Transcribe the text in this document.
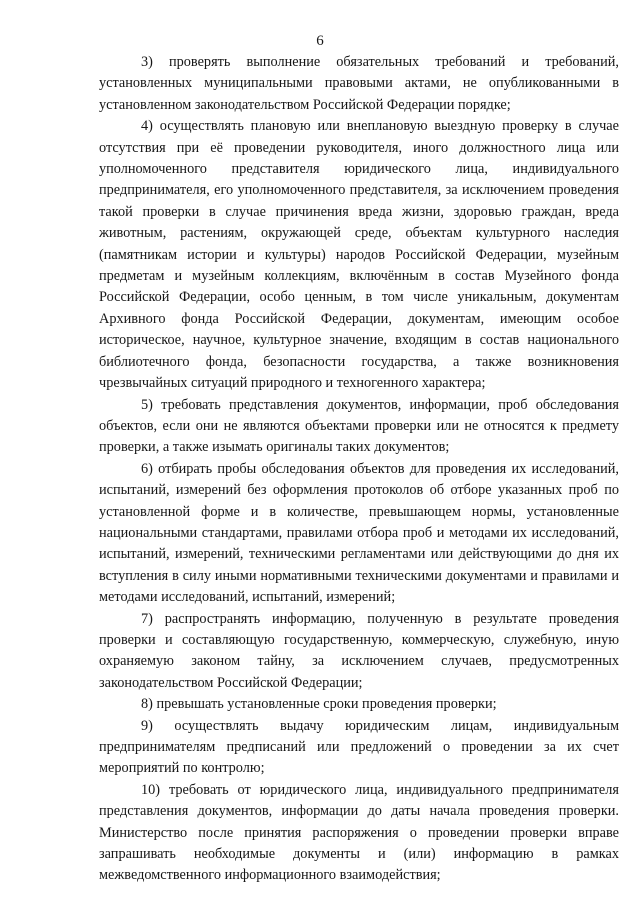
6

3) проверять выполнение обязательных требований и требований, установленных муниципальными правовыми актами, не опубликованными в установленном законодательством Российской Федерации порядке;

4) осуществлять плановую или внеплановую выездную проверку в случае отсутствия при её проведении руководителя, иного должностного лица или уполномоченного представителя юридического лица, индивидуального предпринимателя, его уполномоченного представителя, за исключением проведения такой проверки в случае причинения вреда жизни, здоровью граждан, вреда животным, растениям, окружающей среде, объектам культурного наследия (памятникам истории и культуры) народов Российской Федерации, музейным предметам и музейным коллекциям, включённым в состав Музейного фонда Российской Федерации, особо ценным, в том числе уникальным, документам Архивного фонда Российской Федерации, документам, имеющим особое историческое, научное, культурное значение, входящим в состав национального библиотечного фонда, безопасности государства, а также возникновения чрезвычайных ситуаций природного и техногенного характера;

5) требовать представления документов, информации, проб обследования объектов, если они не являются объектами проверки или не относятся к предмету проверки, а также изымать оригиналы таких документов;

6) отбирать пробы обследования объектов для проведения их исследований, испытаний, измерений без оформления протоколов об отборе указанных проб по установленной форме и в количестве, превышающем нормы, установленные национальными стандартами, правилами отбора проб и методами их исследований, испытаний, измерений, техническими регламентами или действующими до дня их вступления в силу иными нормативными техническими документами и правилами и методами исследований, испытаний, измерений;

7) распространять информацию, полученную в результате проведения проверки и составляющую государственную, коммерческую, служебную, иную охраняемую законом тайну, за исключением случаев, предусмотренных законодательством Российской Федерации;

8) превышать установленные сроки проведения проверки;

9) осуществлять выдачу юридическим лицам, индивидуальным предпринимателям предписаний или предложений о проведении за их счет мероприятий по контролю;

10) требовать от юридического лица, индивидуального предпринимателя представления документов, информации до даты начала проведения проверки. Министерство после принятия распоряжения о проведении проверки вправе запрашивать необходимые документы и (или) информацию в рамках межведомственного информационного взаимодействия;
